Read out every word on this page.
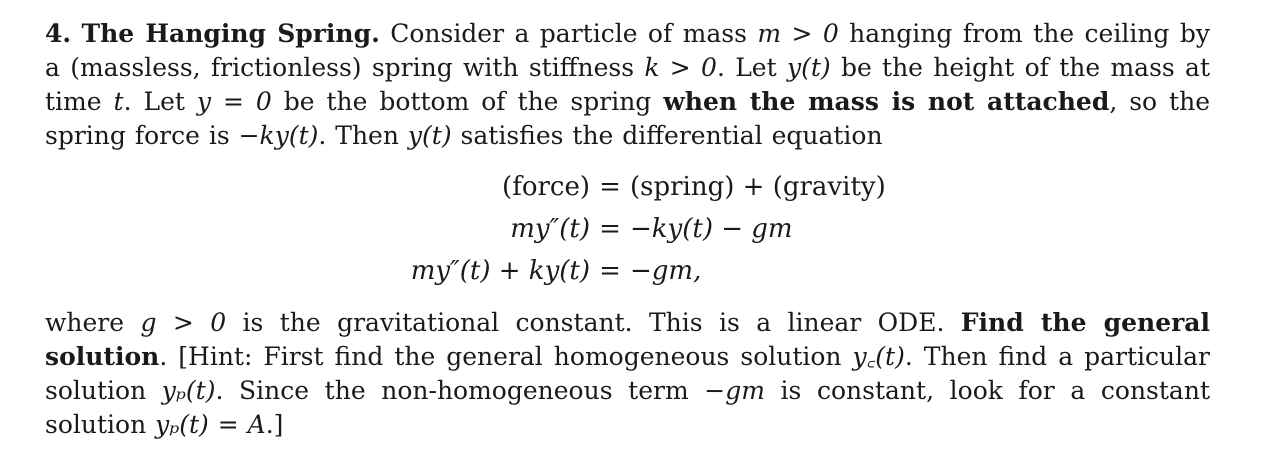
4. The Hanging Spring. Consider a particle of mass m > 0 hanging from the ceiling by a (massless, frictionless) spring with stiffness k > 0. Let y(t) be the height of the mass at time t. Let y = 0 be the bottom of the spring when the mass is not attached, so the spring force is −ky(t). Then y(t) satisfies the differential equation
(force) = (spring) + (gravity)
my″(t) = −ky(t) − gm
my″(t) + ky(t) = −gm,
where g > 0 is the gravitational constant. This is a linear ODE. Find the general solution. [Hint: First find the general homogeneous solution y꜀(t). Then find a particular solution yₚ(t). Since the non-homogeneous term −gm is constant, look for a constant solution yₚ(t) = A.]
